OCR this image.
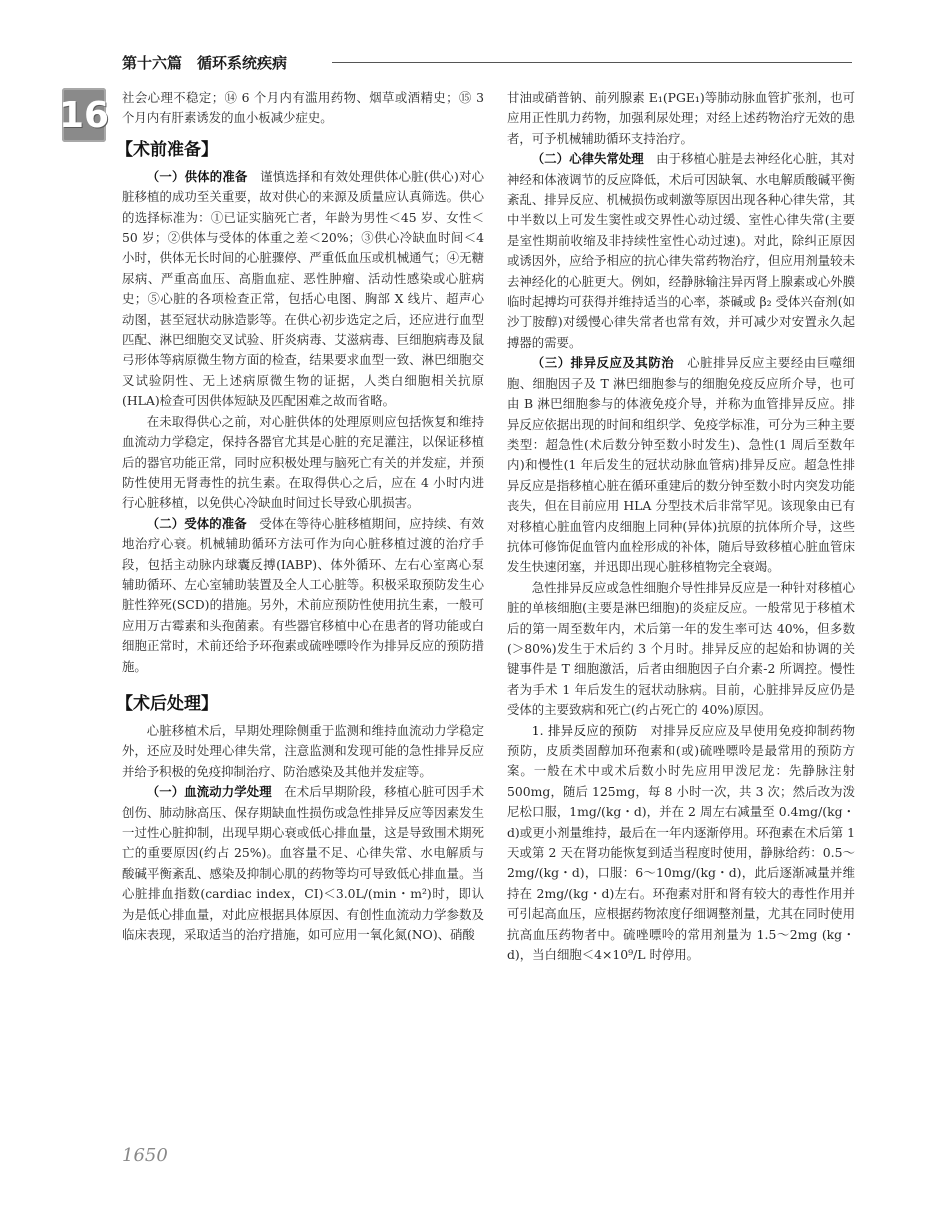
第十六篇　循环系统疾病
16 社会心理不稳定；⑭ 6 个月内有滥用药物、烟草或酒精史；⑮ 3 个月内有肝素诱发的血小板减少症史。

【术前准备】

（一）供体的准备　谨慎选择和有效处理供体心脏(供心)对心脏移植的成功至关重要，故对供心的来源及质量应认真筛选。供心的选择标准为：①已证实脑死亡者，年龄为男性＜45 岁、女性＜50 岁；②供体与受体的体重之差＜20%；③供心冷缺血时间＜4 小时，供体无长时间的心脏骤停、严重低血压或机械通气；④无糖尿病、严重高血压、高脂血症、恶性肿瘤、活动性感染或心脏病史；⑤心脏的各项检查正常，包括心电图、胸部 X 线片、超声心动图，甚至冠状动脉造影等。在供心初步选定之后，还应进行血型匹配、淋巴细胞交叉试验、肝炎病毒、艾滋病毒、巨细胞病毒及鼠弓形体等病原微生物方面的检查，结果要求血型一致、淋巴细胞交叉试验阴性、无上述病原微生物的证据，人类白细胞相关抗原(HLA)检查可因供体短缺及匹配困难之故而省略。

在未取得供心之前，对心脏供体的处理原则应包括恢复和维持血流动力学稳定，保持各器官尤其是心脏的充足灌注，以保证移植后的器官功能正常，同时应积极处理与脑死亡有关的并发症，并预防性使用无肾毒性的抗生素。在取得供心之后，应在 4 小时内进行心脏移植，以免供心冷缺血时间过长导致心肌损害。

（二）受体的准备　受体在等待心脏移植期间，应持续、有效地治疗心衰。机械辅助循环方法可作为向心脏移植过渡的治疗手段，包括主动脉内球囊反搏(IABP)、体外循环、左右心室离心泵辅助循环、左心室辅助装置及全人工心脏等。积极采取预防发生心脏性猝死(SCD)的措施。另外，术前应预防性使用抗生素，一般可应用万古霉素和头孢菌素。有些器官移植中心在患者的肾功能或白细胞正常时，术前还给予环孢素或硫唑嘌呤作为排异反应的预防措施。

【术后处理】

心脏移植术后，早期处理除侧重于监测和维持血流动力学稳定外，还应及时处理心律失常，注意监测和发现可能的急性排异反应并给予积极的免疫抑制治疗、防治感染及其他并发症等。

（一）血流动力学处理　在术后早期阶段，移植心脏可因手术创伤、肺动脉高压、保存期缺血性损伤或急性排异反应等因素发生一过性心脏抑制，出现早期心衰或低心排血量，这是导致围术期死亡的重要原因(约占 25%)。血容量不足、心律失常、水电解质与酸碱平衡紊乱、感染及抑制心肌的药物等均可导致低心排血量。当心脏排血指数(cardiac index，CI)＜3.0L/(min・m²)时，即认为是低心排血量，对此应根据具体原因、有创性血流动力学参数及临床表现，采取适当的治疗措施，如可应用一氧化氮(NO)、硝酸

甘油或硝普钠、前列腺素 E₁(PGE₁)等肺动脉血管扩张剂，也可应用正性肌力药物，加强利尿处理；对经上述药物治疗无效的患者，可予机械辅助循环支持治疗。

（二）心律失常处理　由于移植心脏是去神经化心脏，其对神经和体液调节的反应降低，术后可因缺氧、水电解质酸碱平衡紊乱、排异反应、机械损伤或刺激等原因出现各种心律失常，其中半数以上可发生窦性或交界性心动过缓、室性心律失常(主要是室性期前收缩及非持续性室性心动过速)。对此，除纠正原因或诱因外，应给予相应的抗心律失常药物治疗，但应用剂量较未去神经化的心脏更大。例如，经静脉输注异丙肾上腺素或心外膜临时起搏均可获得并维持适当的心率，茶碱或 β₂ 受体兴奋剂(如沙丁胺醇)对缓慢心律失常者也常有效，并可减少对安置永久起搏器的需要。

（三）排异反应及其防治　心脏排异反应主要经由巨噬细胞、细胞因子及 T 淋巴细胞参与的细胞免疫反应所介导，也可由 B 淋巴细胞参与的体液免疫介导，并称为血管排异反应。排异反应依据出现的时间和组织学、免疫学标准，可分为三种主要类型：超急性(术后数分钟至数小时发生)、急性(1 周后至数年内)和慢性(1 年后发生的冠状动脉血管病)排异反应。超急性排异反应是指移植心脏在循环重建后的数分钟至数小时内突发功能丧失，但在目前应用 HLA 分型技术后非常罕见。该现象由已有对移植心脏血管内皮细胞上同种(异体)抗原的抗体所介导，这些抗体可修饰促血管内血栓形成的补体，随后导致移植心脏血管床发生快速闭塞，并迅即出现心脏移植物完全衰竭。

急性排异反应或急性细胞介导性排异反应是一种针对移植心脏的单核细胞(主要是淋巴细胞)的炎症反应。一般常见于移植术后的第一周至数年内，术后第一年的发生率可达 40%，但多数(＞80%)发生于术后约 3 个月时。排异反应的起始和协调的关键事件是 T 细胞激活，后者由细胞因子白介素-2 所调控。慢性者为手术 1 年后发生的冠状动脉病。目前，心脏排异反应仍是受体的主要致病和死亡(约占死亡的 40%)原因。

1. 排异反应的预防　对排异反应应及早使用免疫抑制药物预防，皮质类固醇加环孢素和(或)硫唑嘌呤是最常用的预防方案。一般在术中或术后数小时先应用甲泼尼龙：先静脉注射 500mg，随后 125mg，每 8 小时一次，共 3 次；然后改为泼尼松口服，1mg/(kg・d)，并在 2 周左右减量至 0.4mg/(kg・d)或更小剂量维持，最后在一年内逐渐停用。环孢素在术后第 1 天或第 2 天在肾功能恢复到适当程度时使用，静脉给药：0.5～2mg/(kg・d)，口服：6～10mg/(kg・d)，此后逐渐减量并维持在 2mg/(kg・d)左右。环孢素对肝和肾有较大的毒性作用并可引起高血压，应根据药物浓度仔细调整剂量，尤其在同时使用抗高血压药物者中。硫唑嘌呤的常用剂量为 1.5～2mg (kg・d)，当白细胞＜4×10⁹/L 时停用。

1650
